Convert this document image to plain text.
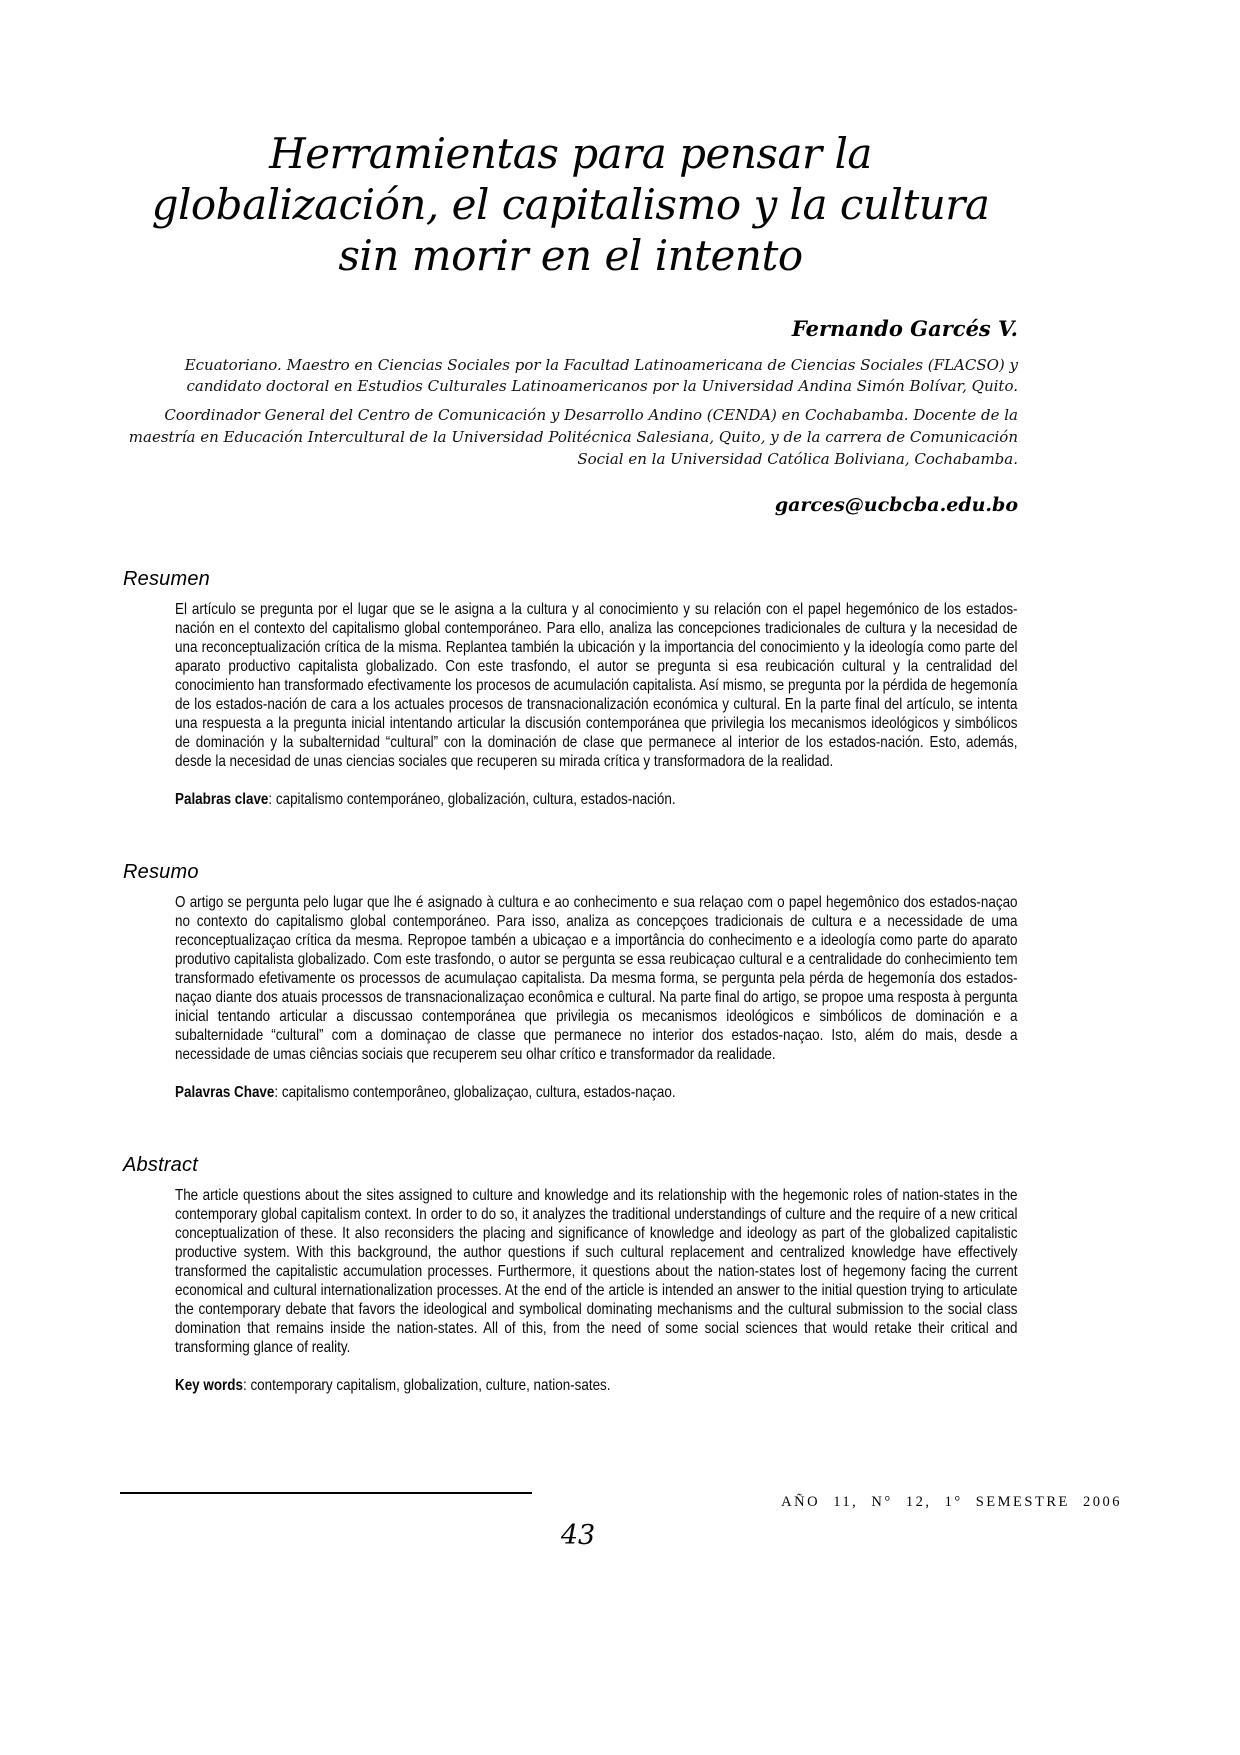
Herramientas para pensar la globalización, el capitalismo y la cultura sin morir en el intento
Fernando Garcés V.
Ecuatoriano. Maestro en Ciencias Sociales por la Facultad Latinoamericana de Ciencias Sociales (FLACSO) y candidato doctoral en Estudios Culturales Latinoamericanos por la Universidad Andina Simón Bolívar, Quito.
Coordinador General del Centro de Comunicación y Desarrollo Andino (CENDA) en Cochabamba. Docente de la maestría en Educación Intercultural de la Universidad Politécnica Salesiana, Quito, y de la carrera de Comunicación Social en la Universidad Católica Boliviana, Cochabamba.
garces@ucbcba.edu.bo
Resumen
El artículo se pregunta por el lugar que se le asigna a la cultura y al conocimiento y su relación con el papel hegemónico de los estados-nación en el contexto del capitalismo global contemporáneo. Para ello, analiza las concepciones tradicionales de cultura y la necesidad de una reconceptualización crítica de la misma. Replantea también la ubicación y la importancia del conocimiento y la ideología como parte del aparato productivo capitalista globalizado. Con este trasfondo, el autor se pregunta si esa reubicación cultural y la centralidad del conocimiento han transformado efectivamente los procesos de acumulación capitalista. Así mismo, se pregunta por la pérdida de hegemonía de los estados-nación de cara a los actuales procesos de transnacionalización económica y cultural. En la parte final del artículo, se intenta una respuesta a la pregunta inicial intentando articular la discusión contemporánea que privilegia los mecanismos ideológicos y simbólicos de dominación y la subalternidad “cultural” con la dominación de clase que permanece al interior de los estados-nación. Esto, además, desde la necesidad de unas ciencias sociales que recuperen su mirada crítica y transformadora de la realidad.
Palabras clave: capitalismo contemporáneo, globalización, cultura, estados-nación.
Resumo
O artigo se pergunta pelo lugar que lhe é asignado à cultura e ao conhecimento e sua relaçao com o papel hegemônico dos estados-naçao no contexto do capitalismo global contemporáneo. Para isso, analiza as concepçoes tradicionais de cultura e a necessidade de uma reconceptualizaçao crítica da mesma. Repropoe tambén a ubicaçao e a importância do conhecimento e a ideología como parte do aparato produtivo capitalista globalizado. Com este trasfondo, o autor se pergunta se essa reubicaçao cultural e a centralidade do conhecimiento tem transformado efetivamente os processos de acumulaçao capitalista. Da mesma forma, se pergunta pela pérda de hegemonía dos estados-naçao diante dos atuais processos de transnacionalizaçao econômica e cultural. Na parte final do artigo, se propoe uma resposta à pergunta inicial tentando articular a discussao contemporánea que privilegia os mecanismos ideológicos e simbólicos de dominación e a subalternidade “cultural” com a dominaçao de classe que permanece no interior dos estados-naçao. Isto, além do mais, desde a necessidade de umas ciências sociais que recuperem seu olhar crítico e transformador da realidade.
Palavras Chave: capitalismo contemporâneo, globalizaçao, cultura, estados-naçao.
Abstract
The article questions about the sites assigned to culture and knowledge and its relationship with the hegemonic roles of nation-states in the contemporary global capitalism context. In order to do so, it analyzes the traditional understandings of culture and the require of a new critical conceptualization of these. It also reconsiders the placing and significance of knowledge and ideology as part of the globalized capitalistic productive system. With this background, the author questions if such cultural replacement and centralized knowledge have effectively transformed the capitalistic accumulation processes. Furthermore, it questions about the nation-states lost of hegemony facing the current economical and cultural internationalization processes. At the end of the article is intended an answer to the initial question trying to articulate the contemporary debate that favors the ideological and symbolical dominating mechanisms and the cultural submission to the social class domination that remains inside the nation-states. All of this, from the need of some social sciences that would retake their critical and transforming glance of reality.
Key words: contemporary capitalism, globalization, culture, nation-sates.
AÑO 11, N° 12, 1° SEMESTRE 2006
43
